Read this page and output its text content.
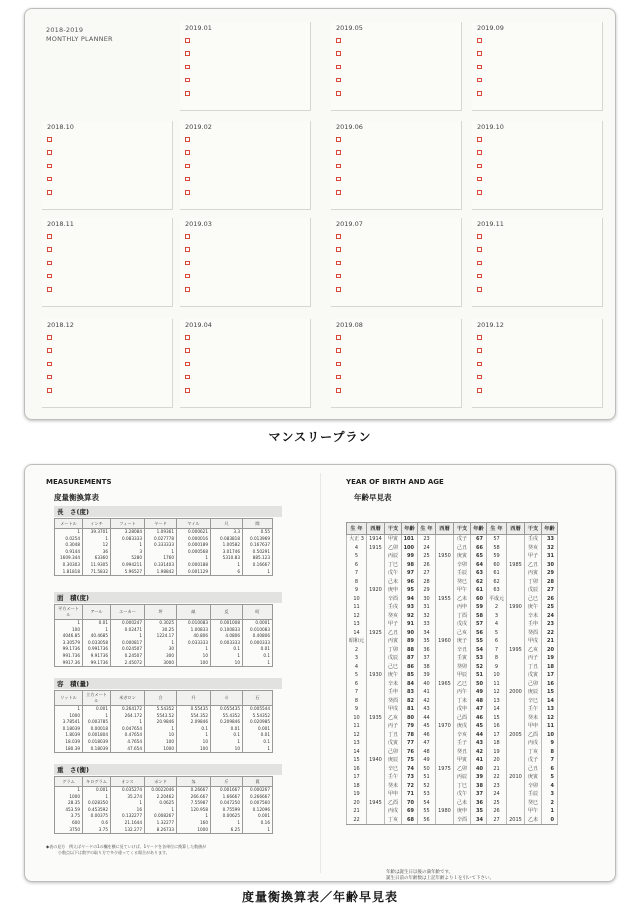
2018-2019
MONTHLY PLANNER
2019.01	2019.05	2019.09
2018.10	2019.02	2019.06	2019.10
2018.11	2019.03	2019.07	2019.11
2018.12	2019.04	2019.08	2019.12
マンスリープラン
MEASUREMENTS
度量衡換算表
長　さ(度)
メートル	インチ	フィート	ヤード	マイル	尺	間
1	39.3701	3.28084	1.09361	0.000621	3.3	0.55
0.0254	1	0.083333	0.027778	0.000016	0.083818	0.013969
0.3048	12	1	0.333333	0.000189	1.00582	0.167637
0.9144	36	3	1	0.000568	3.01746	0.50291
1609.344	63360	5280	1760	1	5310.83	885.123
0.30303	11.9305	0.994211	0.331403	0.000188	1	0.16667
1.81818	71.5832	5.96527	1.98842	0.001129	6	1
面　積(度)
平方メートル	アール	エーカー	坪	畝	反	町
1	0.01	0.000247	0.3025	0.010083	0.001008	0.0001
100	1	0.02471	30.25	1.00833	0.100833	0.010083
4046.85	40.4685	1	1224.17	40.806	4.0806	0.40806
3.30579	0.033058	0.000817	1	0.033333	0.003333	0.000333
99.1736	0.991736	0.024507	30	1	0.1	0.01
991.736	9.91736	0.24507	300	10	1	0.1
9917.36	99.1736	2.45072	3000	100	10	1
容　積(量)
リットル	立方メートル	米ガロン	合	升	斗	石
1	0.001	0.264172	5.54352	0.55435	0.055435	0.005544
1000	1	264.172	5543.52	554.352	55.4352	5.54352
3.78541	0.003785	1	20.9846	2.09846	0.209846	0.020985
0.18039	0.00018	0.047654	1	0.1	0.01	0.001
1.8039	0.001804	0.47654	10	1	0.1	0.01
18.039	0.018039	4.7654	100	10	1	0.1
180.39	0.18039	47.654	1000	100	10	1
重　さ(衡)
グラム	キログラム	オンス	ポンド	匁	斤	貫
1	0.001	0.035274	0.0022046	0.26667	0.001667	0.000267
1000	1	35.274	2.20462	266.667	1.66667	0.266667
28.35	0.028350	1	0.0625	7.55987	0.047250	0.007560
453.59	0.453592	16	1	120.958	0.75599	0.12096
3.75	0.00375	0.132277	0.008267	1	0.00625	0.001
600	0.6	21.1644	1.32277	160	1	0.16
3750	3.75	132.277	8.26733	1000	6.25	1
◆表の見方　例えばヤードの1の欄を横に見ていけば、1ヤードを各単位に換算した数値が
小数点以下は数字の取り方で多少違ってくる場合があります。
YEAR OF BIRTH AND AGE
年齢早見表
生 年	西暦	干支	年齢	生 年	西暦	干支	年齢	生 年	西暦	干支	年齢
大正 3	1914	甲寅	101	23		戊子	67	57		壬戌	33
4	1915	乙卯	100	24		己丑	66	58		癸亥	32
5		丙辰	99	25	1950	庚寅	65	59		甲子	31
6		丁巳	98	26		辛卯	64	60	1985	乙丑	30
7		戊午	97	27		壬辰	63	61		丙寅	29
8		己未	96	28		癸巳	62	62		丁卯	28
9	1920	庚申	95	29		甲午	61	63		戊辰	27
10		辛酉	94	30	1955	乙未	60	平成元		己巳	26
11		壬戌	93	31		丙申	59	2	1990	庚午	25
12		癸亥	92	32		丁酉	58	3		辛未	24
13		甲子	91	33		戊戌	57	4		壬申	23
14	1925	乙丑	90	34		己亥	56	5		癸酉	22
昭和元		丙寅	89	35	1960	庚子	55	6		甲戌	21
2		丁卯	88	36		辛丑	54	7	1995	乙亥	20
3		戊辰	87	37		壬寅	53	8		丙子	19
4		己巳	86	38		癸卯	52	9		丁丑	18
5	1930	庚午	85	39		甲辰	51	10		戊寅	17
6		辛未	84	40	1965	乙巳	50	11		己卯	16
7		壬申	83	41		丙午	49	12	2000	庚辰	15
8		癸酉	82	42		丁未	48	13		辛巳	14
9		甲戌	81	43		戊申	47	14		壬午	13
10	1935	乙亥	80	44		己酉	46	15		癸未	12
11		丙子	79	45	1970	庚戌	45	16		甲申	11
12		丁丑	78	46		辛亥	44	17	2005	乙酉	10
13		戊寅	77	47		壬子	43	18		丙戌	9
14		己卯	76	48		癸丑	42	19		丁亥	8
15	1940	庚辰	75	49		甲寅	41	20		戊子	7
16		辛巳	74	50	1975	乙卯	40	21		己丑	6
17		壬午	73	51		丙辰	39	22	2010	庚寅	5
18		癸未	72	52		丁巳	38	23		辛卯	4
19		甲申	71	53		戊午	37	24		壬辰	3
20	1945	乙酉	70	54		己未	36	25		癸巳	2
21		丙戌	69	55	1980	庚申	35	26		甲午	1
22		丁亥	68	56		辛酉	34	27	2015	乙未	0
年齢は誕生日以後の満年齢です。
誕生日前の年齢数は上記年齢より１を引いて下さい。
度量衡換算表／年齢早見表
